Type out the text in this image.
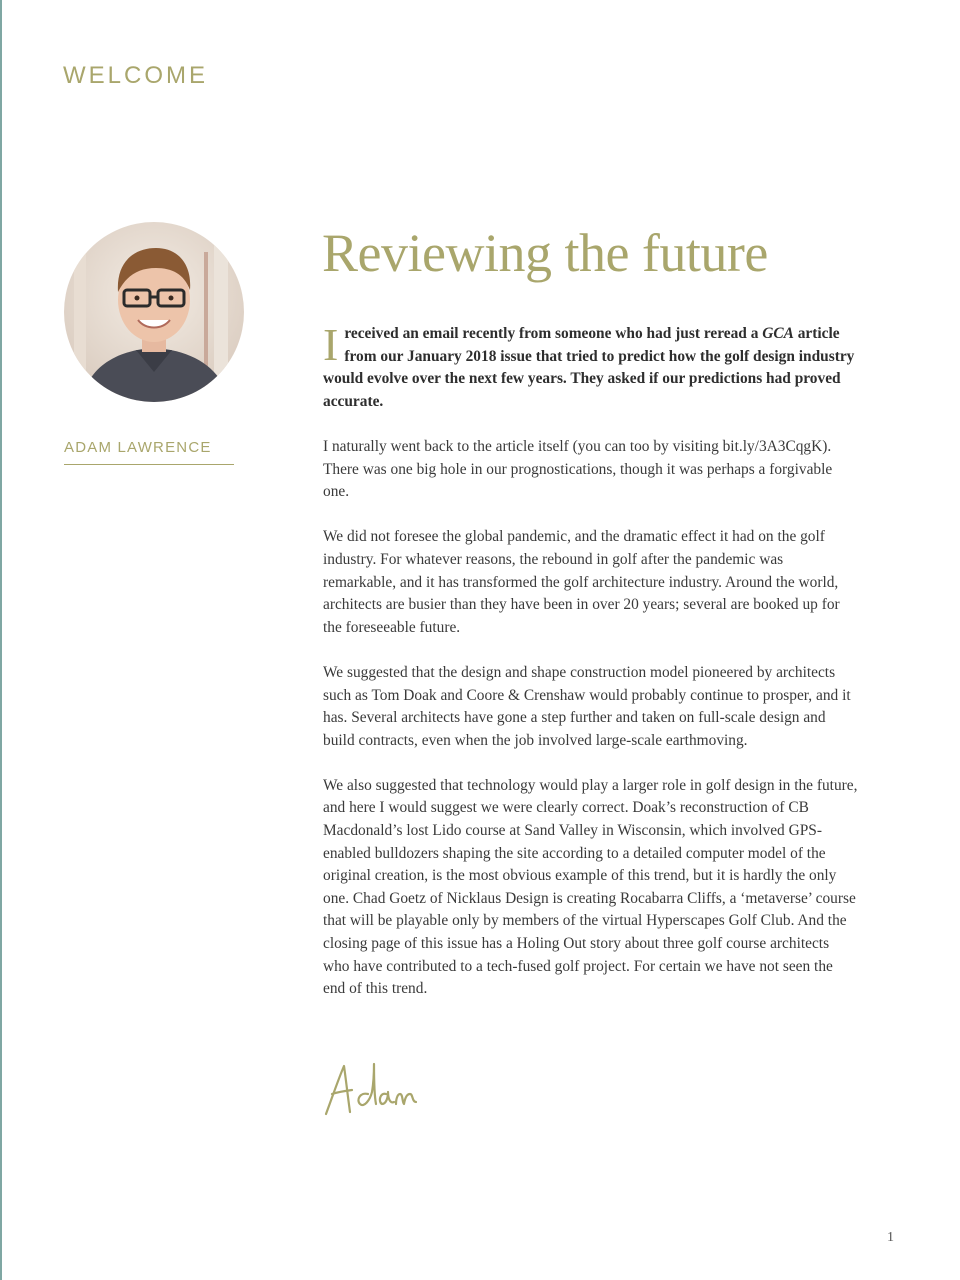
WELCOME
ADAM LAWRENCE
Reviewing the future

I received an email recently from someone who had just reread a GCA article from our January 2018 issue that tried to predict how the golf design industry would evolve over the next few years. They asked if our predictions had proved accurate.

I naturally went back to the article itself (you can too by visiting bit.ly/3A3CqgK). There was one big hole in our prognostications, though it was perhaps a forgivable one.

We did not foresee the global pandemic, and the dramatic effect it had on the golf industry. For whatever reasons, the rebound in golf after the pandemic was remarkable, and it has transformed the golf architecture industry. Around the world, architects are busier than they have been in over 20 years; several are booked up for the foreseeable future.

We suggested that the design and shape construction model pioneered by architects such as Tom Doak and Coore & Crenshaw would probably continue to prosper, and it has. Several architects have gone a step further and taken on full-scale design and build contracts, even when the job involved large-scale earthmoving.

We also suggested that technology would play a larger role in golf design in the future, and here I would suggest we were clearly correct. Doak’s reconstruction of CB Macdonald’s lost Lido course at Sand Valley in Wisconsin, which involved GPS-enabled bulldozers shaping the site according to a detailed computer model of the original creation, is the most obvious example of this trend, but it is hardly the only one. Chad Goetz of Nicklaus Design is creating Rocabarra Cliffs, a ‘metaverse’ course that will be playable only by members of the virtual Hyperscapes Golf Club. And the closing page of this issue has a Holing Out story about three golf course architects who have contributed to a tech-fused golf project. For certain we have not seen the end of this trend.

1
